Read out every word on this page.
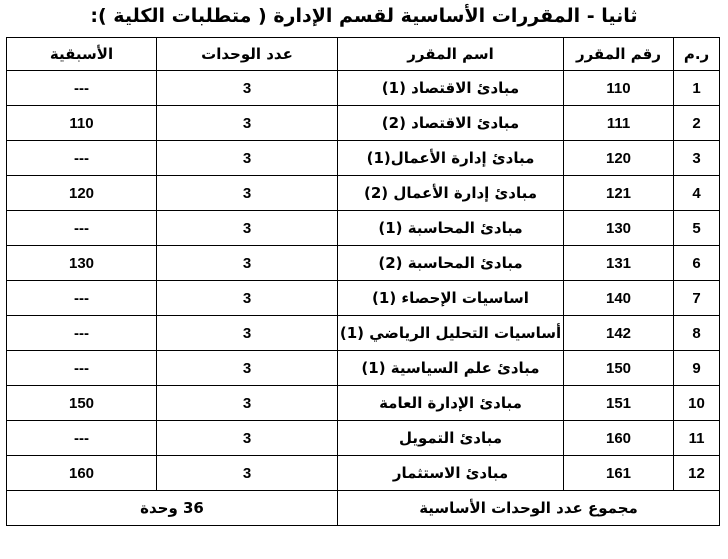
ثانيا - المقررات الأساسية لقسم الإدارة ( متطلبات الكلية ):
ر.م	رقم المقرر	اسم المقرر	عدد الوحدات	الأسبقية
1	110	مبادئ الاقتصاد (1)	3	---
2	111	مبادئ الاقتصاد (2)	3	110
3	120	مبادئ إدارة الأعمال(1)	3	---
4	121	مبادئ إدارة الأعمال (2)	3	120
5	130	مبادئ المحاسبة (1)	3	---
6	131	مبادئ المحاسبة (2)	3	130
7	140	اساسيات الإحصاء (1)	3	---
8	142	أساسيات التحليل الرياضي (1)	3	---
9	150	مبادئ علم السياسية (1)	3	---
10	151	مبادئ الإدارة العامة	3	150
11	160	مبادئ التمويل	3	---
12	161	مبادئ الاستثمار	3	160
مجموع عدد الوحدات الأساسية			36 وحدة	
